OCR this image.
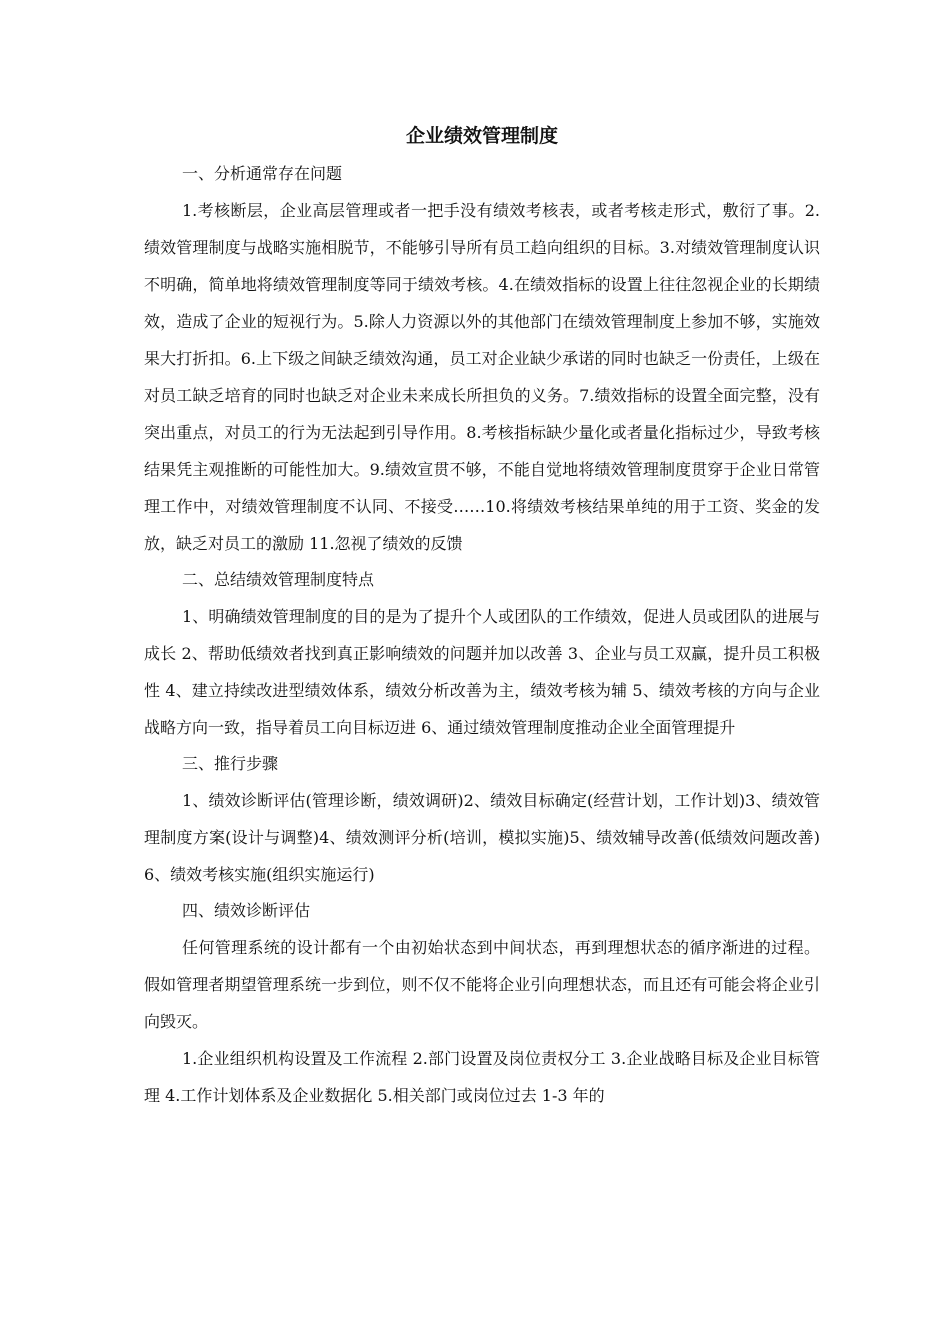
企业绩效管理制度

一、分析通常存在问题

1.考核断层，企业高层管理或者一把手没有绩效考核表，或者考核走形式，敷衍了事。2.绩效管理制度与战略实施相脱节，不能够引导所有员工趋向组织的目标。3.对绩效管理制度认识不明确，简单地将绩效管理制度等同于绩效考核。4.在绩效指标的设置上往往忽视企业的长期绩效，造成了企业的短视行为。5.除人力资源以外的其他部门在绩效管理制度上参加不够，实施效果大打折扣。6.上下级之间缺乏绩效沟通，员工对企业缺少承诺的同时也缺乏一份责任，上级在对员工缺乏培育的同时也缺乏对企业未来成长所担负的义务。7.绩效指标的设置全面完整，没有突出重点，对员工的行为无法起到引导作用。8.考核指标缺少量化或者量化指标过少，导致考核结果凭主观推断的可能性加大。9.绩效宣贯不够，不能自觉地将绩效管理制度贯穿于企业日常管理工作中，对绩效管理制度不认同、不接受……10.将绩效考核结果单纯的用于工资、奖金的发放，缺乏对员工的激励 11.忽视了绩效的反馈

二、总结绩效管理制度特点

1、明确绩效管理制度的目的是为了提升个人或团队的工作绩效，促进人员或团队的进展与成长 2、帮助低绩效者找到真正影响绩效的问题并加以改善 3、企业与员工双赢，提升员工积极性 4、建立持续改进型绩效体系，绩效分析改善为主，绩效考核为辅 5、绩效考核的方向与企业战略方向一致，指导着员工向目标迈进 6、通过绩效管理制度推动企业全面管理提升

三、推行步骤

1、绩效诊断评估(管理诊断，绩效调研)2、绩效目标确定(经营计划，工作计划)3、绩效管理制度方案(设计与调整)4、绩效测评分析(培训，模拟实施)5、绩效辅导改善(低绩效问题改善)6、绩效考核实施(组织实施运行)

四、绩效诊断评估

任何管理系统的设计都有一个由初始状态到中间状态，再到理想状态的循序渐进的过程。假如管理者期望管理系统一步到位，则不仅不能将企业引向理想状态，而且还有可能会将企业引向毁灭。

1.企业组织机构设置及工作流程 2.部门设置及岗位责权分工 3.企业战略目标及企业目标管理 4.工作计划体系及企业数据化 5.相关部门或岗位过去 1-3 年的
